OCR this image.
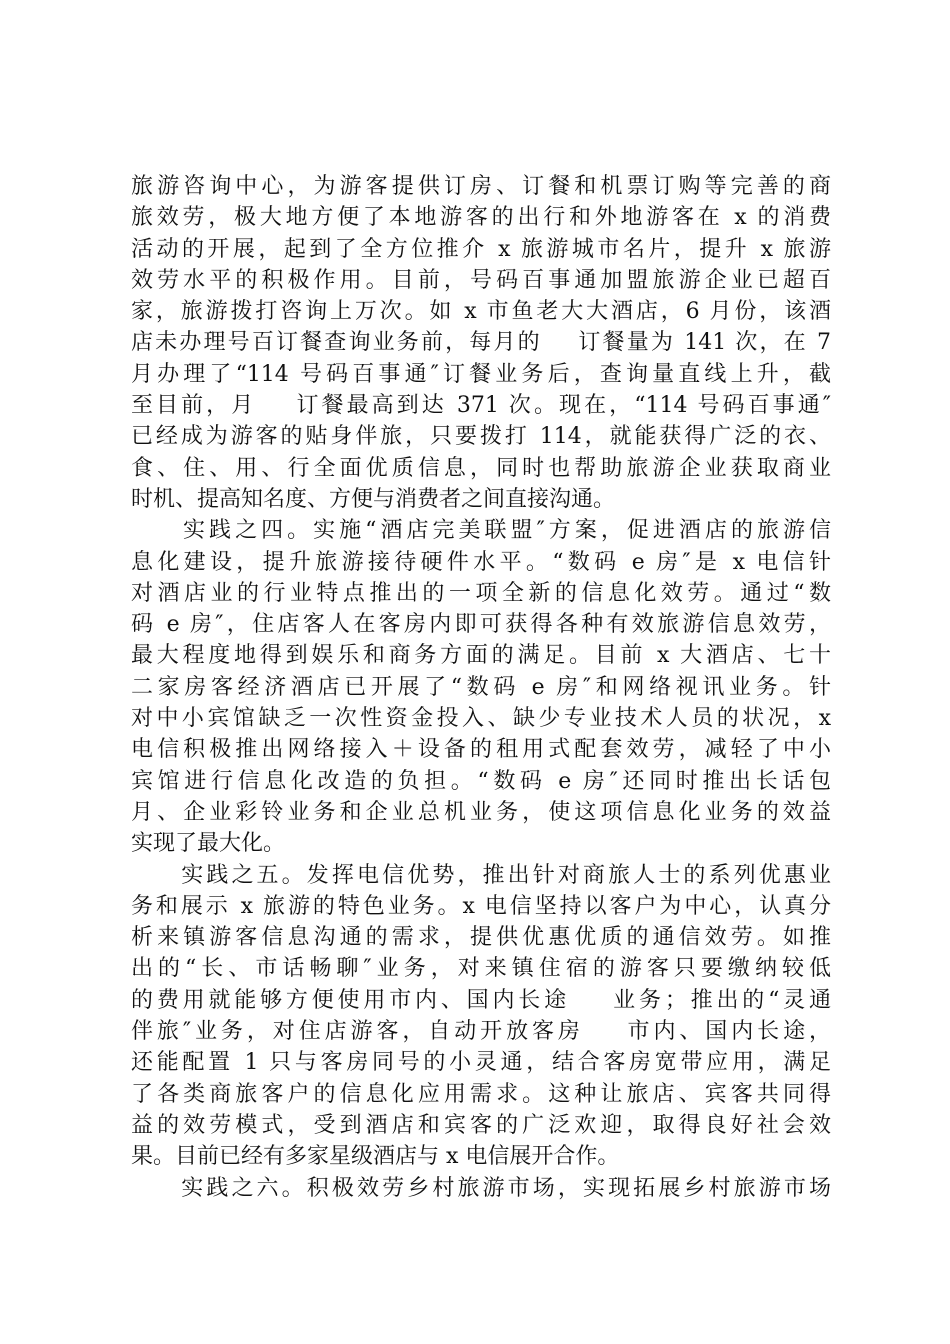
旅游咨询中心，为游客提供订房、订餐和机票订购等完善的商
旅效劳，极大地方便了本地游客的出行和外地游客在 x 的消费
活动的开展，起到了全方位推介 x 旅游城市名片，提升 x 旅游
效劳水平的积极作用。目前，号码百事通加盟旅游企业已超百
家，旅游拨打咨询上万次。如 x 市鱼老大大酒店，6 月份，该酒
店未办理号百订餐查询业务前，每月的    订餐量为 141 次，在 7
月办理了“114 号码百事通″订餐业务后，查询量直线上升，截
至目前，月    订餐最高到达 371 次。现在，“114 号码百事通″
已经成为游客的贴身伴旅，只要拨打 114，就能获得广泛的衣、
食、住、用、行全面优质信息，同时也帮助旅游企业获取商业
时机、提高知名度、方便与消费者之间直接沟通。
　　实践之四。实施“酒店完美联盟″方案，促进酒店的旅游信
息化建设，提升旅游接待硬件水平。“数码 e 房″是 x 电信针
对酒店业的行业特点推出的一项全新的信息化效劳。通过“数
码 e 房″，住店客人在客房内即可获得各种有效旅游信息效劳，
最大程度地得到娱乐和商务方面的满足。目前 x 大酒店、七十
二家房客经济酒店已开展了“数码 e 房″和网络视讯业务。针
对中小宾馆缺乏一次性资金投入、缺少专业技术人员的状况，x
电信积极推出网络接入＋设备的租用式配套效劳，减轻了中小
宾馆进行信息化改造的负担。“数码 e 房″还同时推出长话包
月、企业彩铃业务和企业总机业务，使这项信息化业务的效益
实现了最大化。
　　实践之五。发挥电信优势，推出针对商旅人士的系列优惠业
务和展示 x 旅游的特色业务。x 电信坚持以客户为中心，认真分
析来镇游客信息沟通的需求，提供优惠优质的通信效劳。如推
出的“长、市话畅聊″业务，对来镇住宿的游客只要缴纳较低
的费用就能够方便使用市内、国内长途    业务；推出的“灵通
伴旅″业务，对住店游客，自动开放客房    市内、国内长途，
还能配置 1 只与客房同号的小灵通，结合客房宽带应用，满足
了各类商旅客户的信息化应用需求。这种让旅店、宾客共同得
益的效劳模式，受到酒店和宾客的广泛欢迎，取得良好社会效
果。目前已经有多家星级酒店与 x 电信展开合作。
　　实践之六。积极效劳乡村旅游市场，实现拓展乡村旅游市场
